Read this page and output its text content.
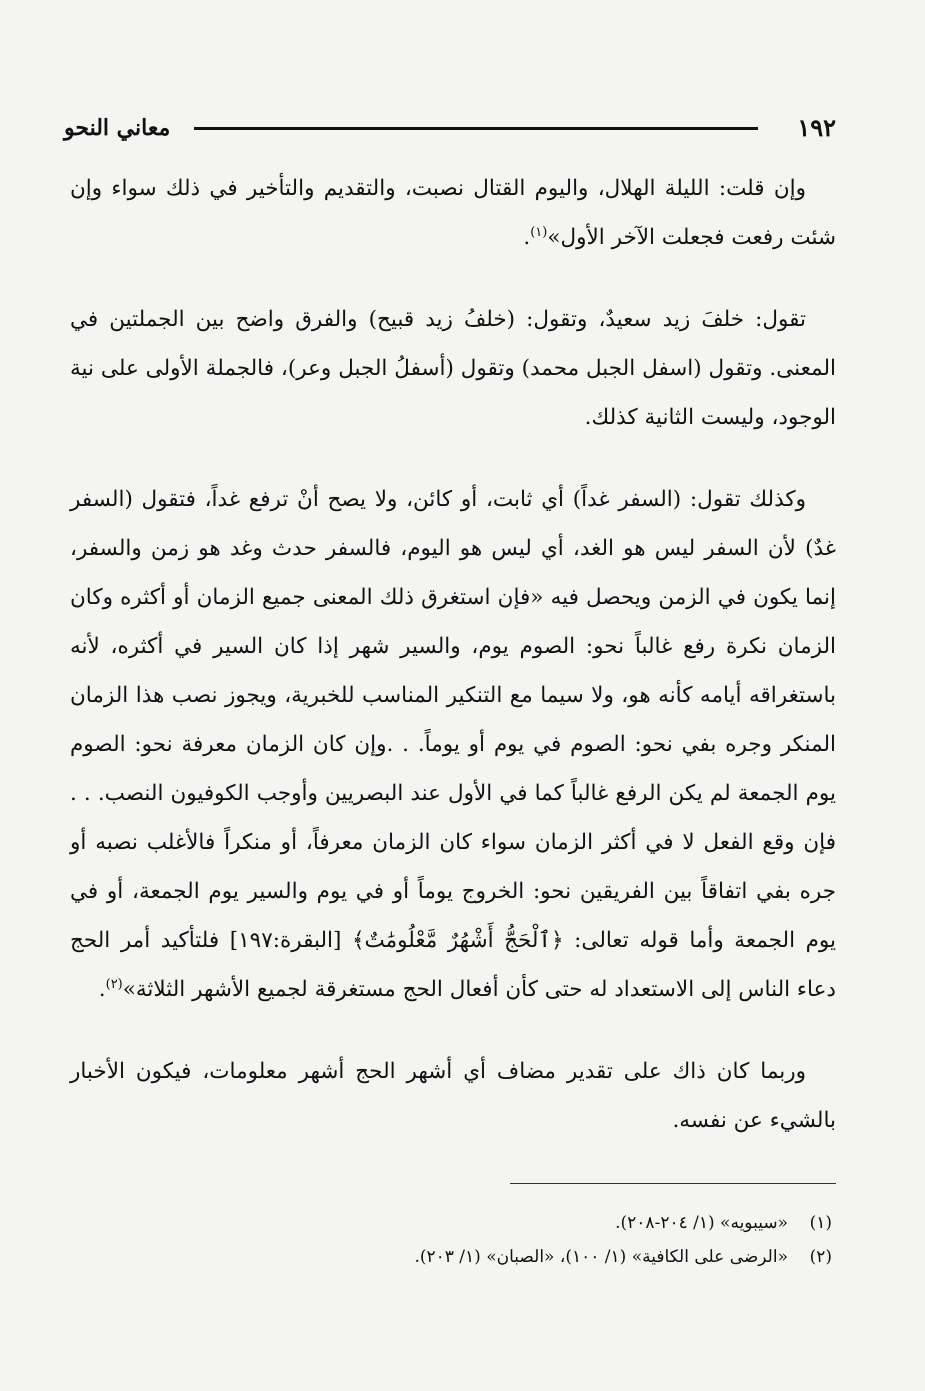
١٩٢
معاني النحو

وإن قلت: الليلة الهلال، واليوم القتال نصبت، والتقديم والتأخير في ذلك سواء وإن شئت رفعت فجعلت الآخر الأول»$^{(١)}$.

تقول: خلفَ زيد سعيدٌ، وتقول: (خلفُ زيد قبيح) والفرق واضح بين الجملتين في المعنى. وتقول (اسفل الجبل محمد) وتقول (أسفلُ الجبل وعر)، فالجملة الأولى على نية الوجود، وليست الثانية كذلك.

وكذلك تقول: (السفر غداً) أي ثابت، أو كائن، ولا يصح أنْ ترفع غداً، فتقول (السفر غدٌ) لأن السفر ليس هو الغد، أي ليس هو اليوم، فالسفر حدث وغد هو زمن والسفر، إنما يكون في الزمن ويحصل فيه «فإن استغرق ذلك المعنى جميع الزمان أو أكثره وكان الزمان نكرة رفع غالباً نحو: الصوم يوم، والسير شهر إذا كان السير في أكثره، لأنه باستغراقه أيامه كأنه هو، ولا سيما مع التنكير المناسب للخبرية، ويجوز نصب هذا الزمان المنكر وجره بفي نحو: الصوم في يوم أو يوماً. . .وإن كان الزمان معرفة نحو: الصوم يوم الجمعة لم يكن الرفع غالباً كما في الأول عند البصريين وأوجب الكوفيون النصب. . . فإن وقع الفعل لا في أكثر الزمان سواء كان الزمان معرفاً، أو منكراً فالأغلب نصبه أو جره بفي اتفاقاً بين الفريقين نحو: الخروج يوماً أو في يوم والسير يوم الجمعة، أو في يوم الجمعة وأما قوله تعالى: ﴿ٱلْحَجُّ أَشْهُرٌ مَّعْلُومَٰتٌ﴾ [البقرة:١٩٧] فلتأكيد أمر الحج دعاء الناس إلى الاستعداد له حتى كأن أفعال الحج مستغرقة لجميع الأشهر الثلاثة»$^{(٢)}$.

وربما كان ذاك على تقدير مضاف أي أشهر الحج أشهر معلومات، فيكون الأخبار بالشيء عن نفسه.

(١)
«سيبويه» (١/ ٢٠٤-٢٠٨).
(٢)
«الرضى على الكافية» (١/ ١٠٠)، «الصبان» (١/ ٢٠٣).
